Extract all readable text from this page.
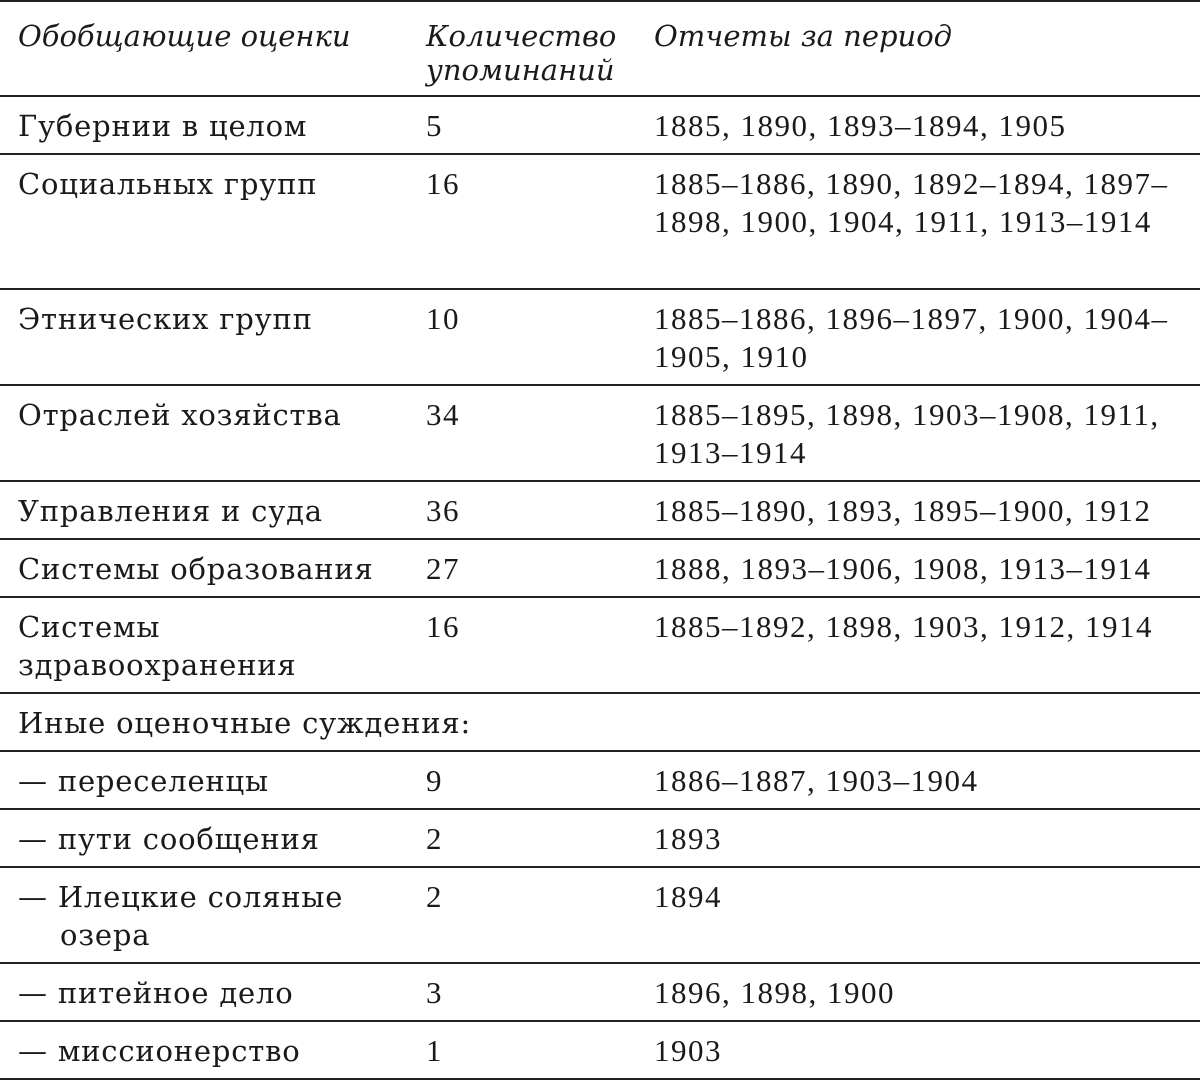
Обобщающие оценки	Количество упоминаний	Отчеты за период
Губернии в целом	5	1885, 1890, 1893–1894, 1905
Социальных групп	16	1885–1886, 1890, 1892–1894, 1897–1898, 1900, 1904, 1911, 1913–1914
Этнических групп	10	1885–1886, 1896–1897, 1900, 1904–1905, 1910
Отраслей хозяйства	34	1885–1895, 1898, 1903–1908, 1911, 1913–1914
Управления и суда	36	1885–1890, 1893, 1895–1900, 1912
Системы образования	27	1888, 1893–1906, 1908, 1913–1914
Системы здравоохранения	16	1885–1892, 1898, 1903, 1912, 1914
Иные оценочные суждения:		
— переселенцы	9	1886–1887, 1903–1904
— пути сообщения	2	1893
— Илецкие соляные озера	2	1894
— питейное дело	3	1896, 1898, 1900
— миссионерство	1	1903
